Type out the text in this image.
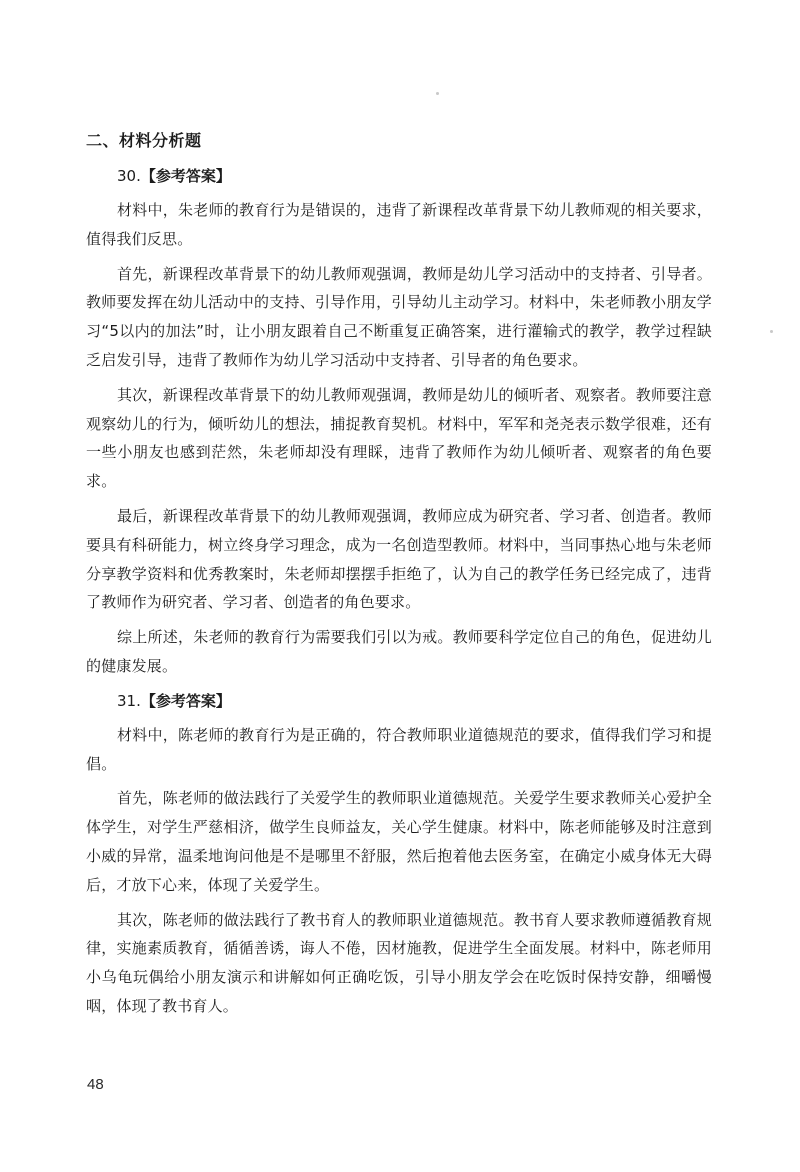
二、材料分析题
30.【参考答案】

材料中，朱老师的教育行为是错误的，违背了新课程改革背景下幼儿教师观的相关要求，值得我们反思。

首先，新课程改革背景下的幼儿教师观强调，教师是幼儿学习活动中的支持者、引导者。教师要发挥在幼儿活动中的支持、引导作用，引导幼儿主动学习。材料中，朱老师教小朋友学习“5以内的加法”时，让小朋友跟着自己不断重复正确答案，进行灌输式的教学，教学过程缺乏启发引导，违背了教师作为幼儿学习活动中支持者、引导者的角色要求。

其次，新课程改革背景下的幼儿教师观强调，教师是幼儿的倾听者、观察者。教师要注意观察幼儿的行为，倾听幼儿的想法，捕捉教育契机。材料中，军军和尧尧表示数学很难，还有一些小朋友也感到茫然，朱老师却没有理睬，违背了教师作为幼儿倾听者、观察者的角色要求。

最后，新课程改革背景下的幼儿教师观强调，教师应成为研究者、学习者、创造者。教师要具有科研能力，树立终身学习理念，成为一名创造型教师。材料中，当同事热心地与朱老师分享教学资料和优秀教案时，朱老师却摆摆手拒绝了，认为自己的教学任务已经完成了，违背了教师作为研究者、学习者、创造者的角色要求。

综上所述，朱老师的教育行为需要我们引以为戒。教师要科学定位自己的角色，促进幼儿的健康发展。

31.【参考答案】

材料中，陈老师的教育行为是正确的，符合教师职业道德规范的要求，值得我们学习和提倡。

首先，陈老师的做法践行了关爱学生的教师职业道德规范。关爱学生要求教师关心爱护全体学生，对学生严慈相济，做学生良师益友，关心学生健康。材料中，陈老师能够及时注意到小威的异常，温柔地询问他是不是哪里不舒服，然后抱着他去医务室，在确定小威身体无大碍后，才放下心来，体现了关爱学生。

其次，陈老师的做法践行了教书育人的教师职业道德规范。教书育人要求教师遵循教育规律，实施素质教育，循循善诱，诲人不倦，因材施教，促进学生全面发展。材料中，陈老师用小乌龟玩偶给小朋友演示和讲解如何正确吃饭，引导小朋友学会在吃饭时保持安静，细嚼慢咽，体现了教书育人。

48
